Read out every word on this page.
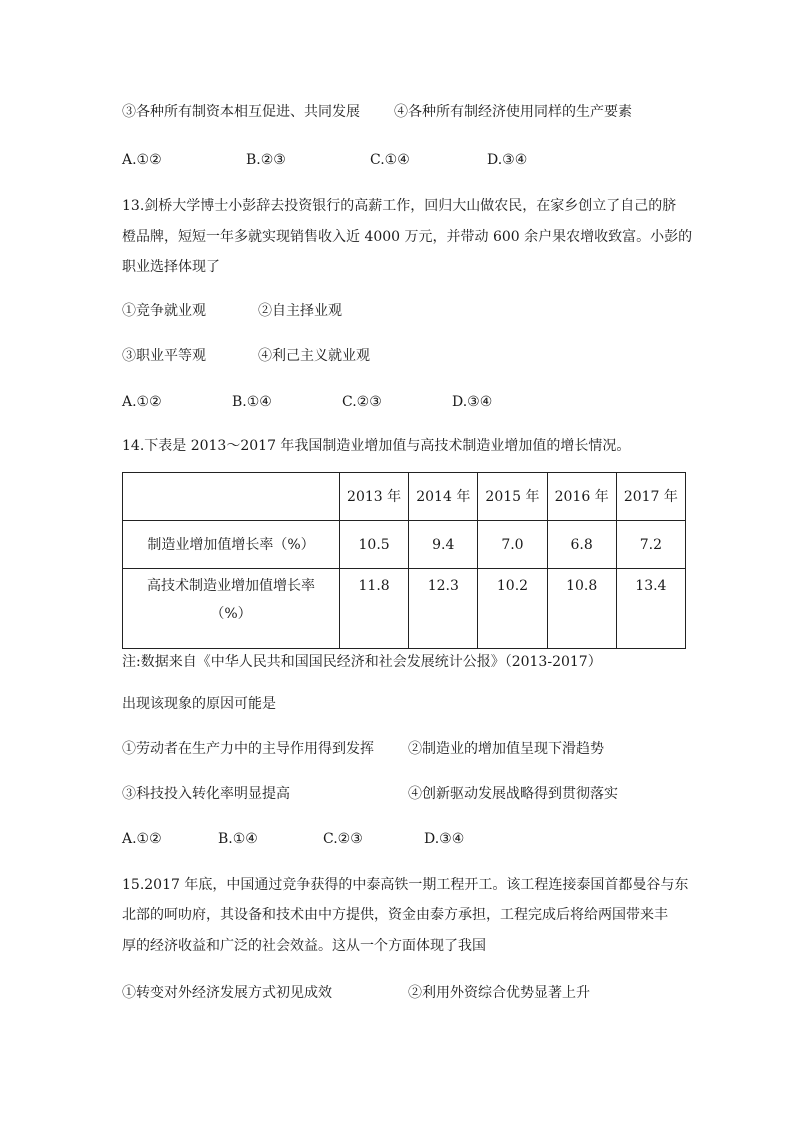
③各种所有制资本相互促进、共同发展 ④各种所有制经济使用同样的生产要素
A.①②	B.②③	C.①④	D.③④
13.剑桥大学博士小彭辞去投资银行的高薪工作，回归大山做农民，在家乡创立了自己的脐
橙品牌，短短一年多就实现销售收入近 4000 万元，并带动 600 余户果农增收致富。小彭的
职业选择体现了
①竞争就业观	②自主择业观
③职业平等观	④利己主义就业观
A.①②	B.①④	C.②③	D.③④
14.下表是 2013～2017 年我国制造业增加值与高技术制造业增加值的增长情况。
	2013 年	2014 年	2015 年	2016 年	2017 年
制造业增加值增长率（%）	10.5	9.4	7.0	6.8	7.2

高技术制造业增加值增长率
（%）	11.8	12.3	10.2	10.8	13.4
注:数据来自《中华人民共和国国民经济和社会发展统计公报》（2013-2017）
出现该现象的原因可能是
①劳动者在生产力中的主导作用得到发挥 ②制造业的增加值呈现下滑趋势
③科技投入转化率明显提高	④创新驱动发展战略得到贯彻落实
A.①②	B.①④	C.②③	D.③④
15.2017 年底，中国通过竞争获得的中泰高铁一期工程开工。该工程连接泰国首都曼谷与东
北部的呵叻府，其设备和技术由中方提供，资金由泰方承担，工程完成后将给两国带来丰
厚的经济收益和广泛的社会效益。这从一个方面体现了我国
①转变对外经济发展方式初见成效	②利用外资综合优势显著上升
